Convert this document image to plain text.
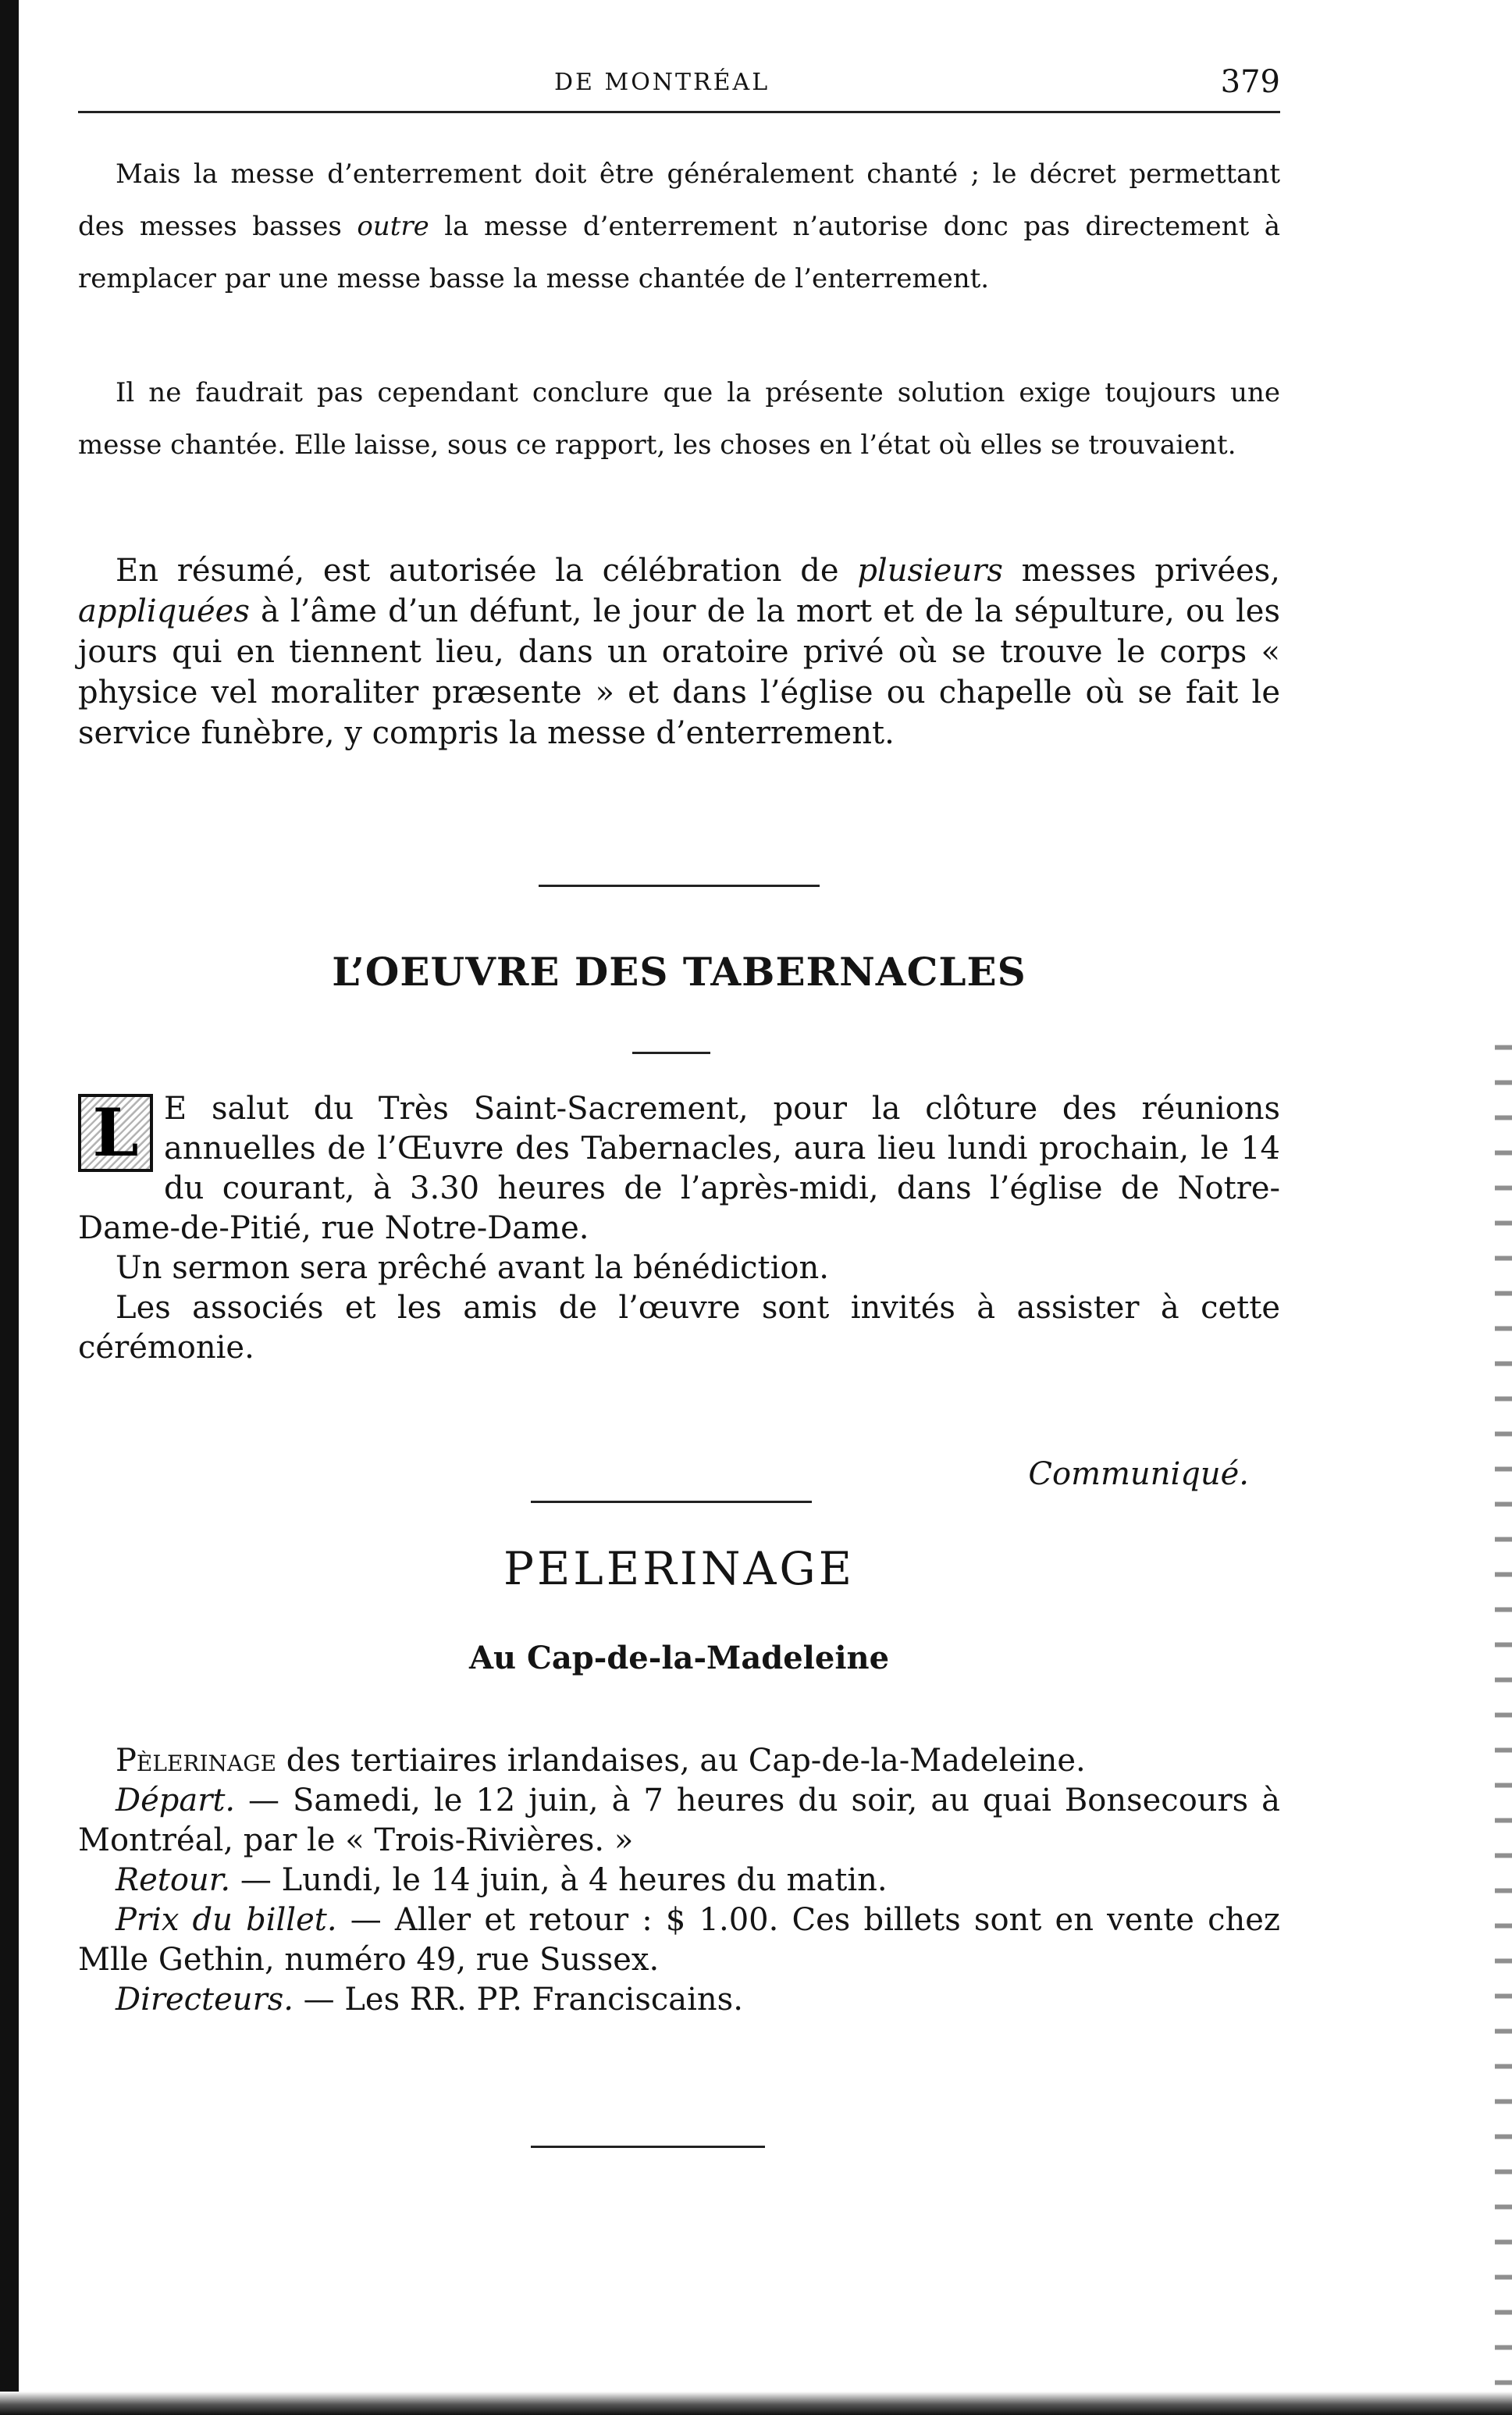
DE MONTRÉAL	379

Mais la messe d’enterrement doit être généralement chanté ; le décret permettant des messes basses outre la messe d’enterrement n’autorise donc pas directement à remplacer par une messe basse la messe chantée de l’enterrement.

Il ne faudrait pas cependant conclure que la présente solution exige toujours une messe chantée. Elle laisse, sous ce rapport, les choses en l’état où elles se trouvaient.

En résumé, est autorisée la célébration de plusieurs messes privées, appliquées à l’âme d’un défunt, le jour de la mort et de la sépulture, ou les jours qui en tiennent lieu, dans un oratoire privé où se trouve le corps « physice vel moraliter præsente » et dans l’église ou chapelle où se fait le service funèbre, y compris la messe d’enterrement.

L’OEUVRE DES TABERNACLES
L E salut du Très Saint-Sacrement, pour la clôture des réunions annuelles de l’Œuvre des Tabernacles, aura lieu lundi prochain, le 14 du courant, à 3.30 heures de l’après-midi, dans l’église de Notre-Dame-de-Pitié, rue Notre-Dame.

Un sermon sera prêché avant la bénédiction.

Les associés et les amis de l’œuvre sont invités à assister à cette cérémonie.

Communiqué.
PELERINAGE
Au Cap-de-la-Madeleine
Pèlerinage des tertiaires irlandaises, au Cap-de-la-Madeleine.
Départ. — Samedi, le 12 juin, à 7 heures du soir, au quai Bonsecours à Montréal, par le « Trois-Rivières. »
Retour. — Lundi, le 14 juin, à 4 heures du matin.
Prix du billet. — Aller et retour : $ 1.00. Ces billets sont en vente chez Mlle Gethin, numéro 49, rue Sussex.
Directeurs. — Les RR. PP. Franciscains.
